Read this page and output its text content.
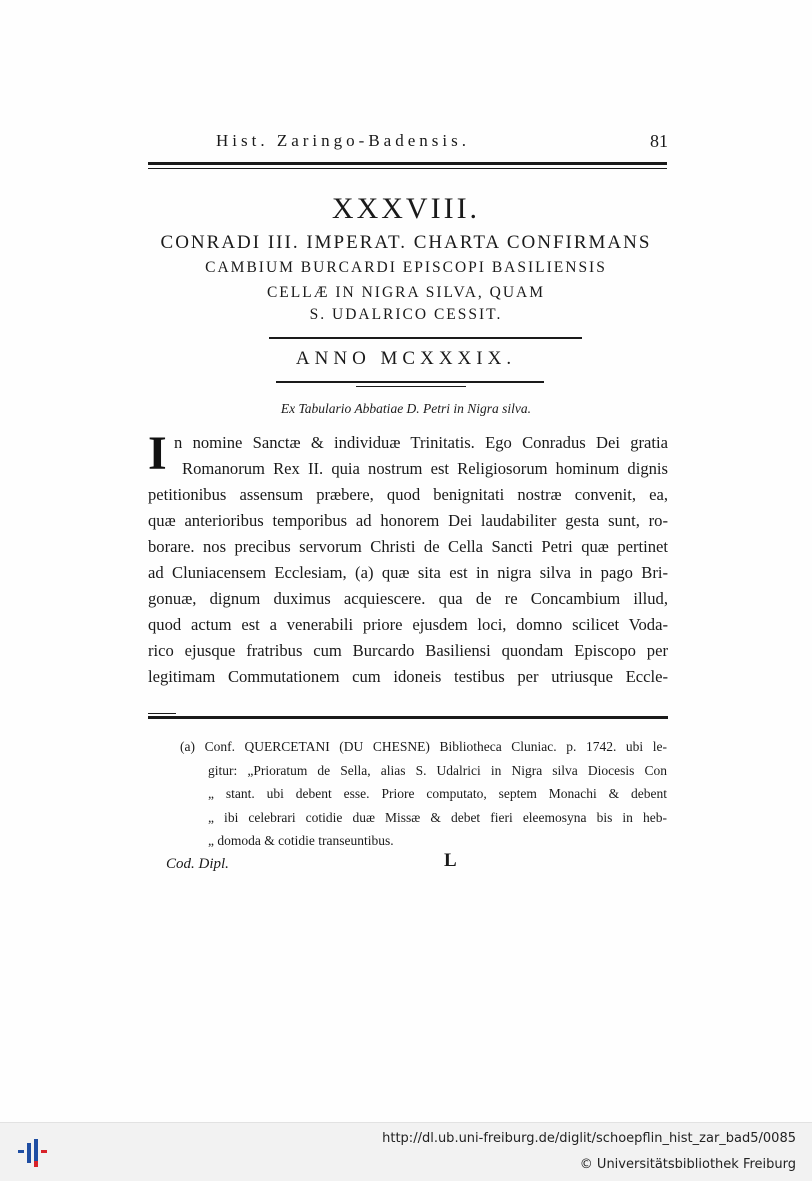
Hist. Zaringo-Badensis.	81
XXXVIII.
CONRADI III. IMPERAT. CHARTA CONFIRMANS
CAMBIUM BURCARDI EPISCOPI BASILIENSIS
CELLÆ IN NIGRA SILVA, QUAM
S. UDALRICO CESSIT.
ANNO MCXXXIX.
Ex Tabulario Abbatiae D. Petri in Nigra silva.
I n nomine Sanctæ & individuæ Trinitatis. Ego Conradus Dei gratia
Romanorum Rex II. quia nostrum est Religiosorum hominum dignis
petitionibus assensum præbere, quod benignitati nostræ convenit, ea,
quæ anterioribus temporibus ad honorem Dei laudabiliter gesta sunt, ro-
borare. nos precibus servorum Christi de Cella Sancti Petri quæ pertinet
ad Cluniacensem Ecclesiam, (a) quæ sita est in nigra silva in pago Bri-
gonuæ, dignum duximus acquiescere. qua de re Concambium illud,
quod actum est a venerabili priore ejusdem loci, domno scilicet Voda-
rico ejusque fratribus cum Burcardo Basiliensi quondam Episcopo per
legitimam Commutationem cum idoneis testibus per utriusque Eccle-
(a) Conf. QUERCETANI (DU CHESNE) Bibliotheca Cluniac. p. 1742. ubi le-
gitur: „Prioratum de Sella, alias S. Udalrici in Nigra silva Diocesis Con
„ stant. ubi debent esse. Priore computato, septem Monachi & debent
„ ibi celebrari cotidie duæ Missæ & debet fieri eleemosyna bis in heb-
„ domoda & cotidie transeuntibus.
Cod. Dipl.	L
http://dl.ub.uni-freiburg.de/diglit/schoepflin_hist_zar_bad5/0085
© Universitätsbibliothek Freiburg
